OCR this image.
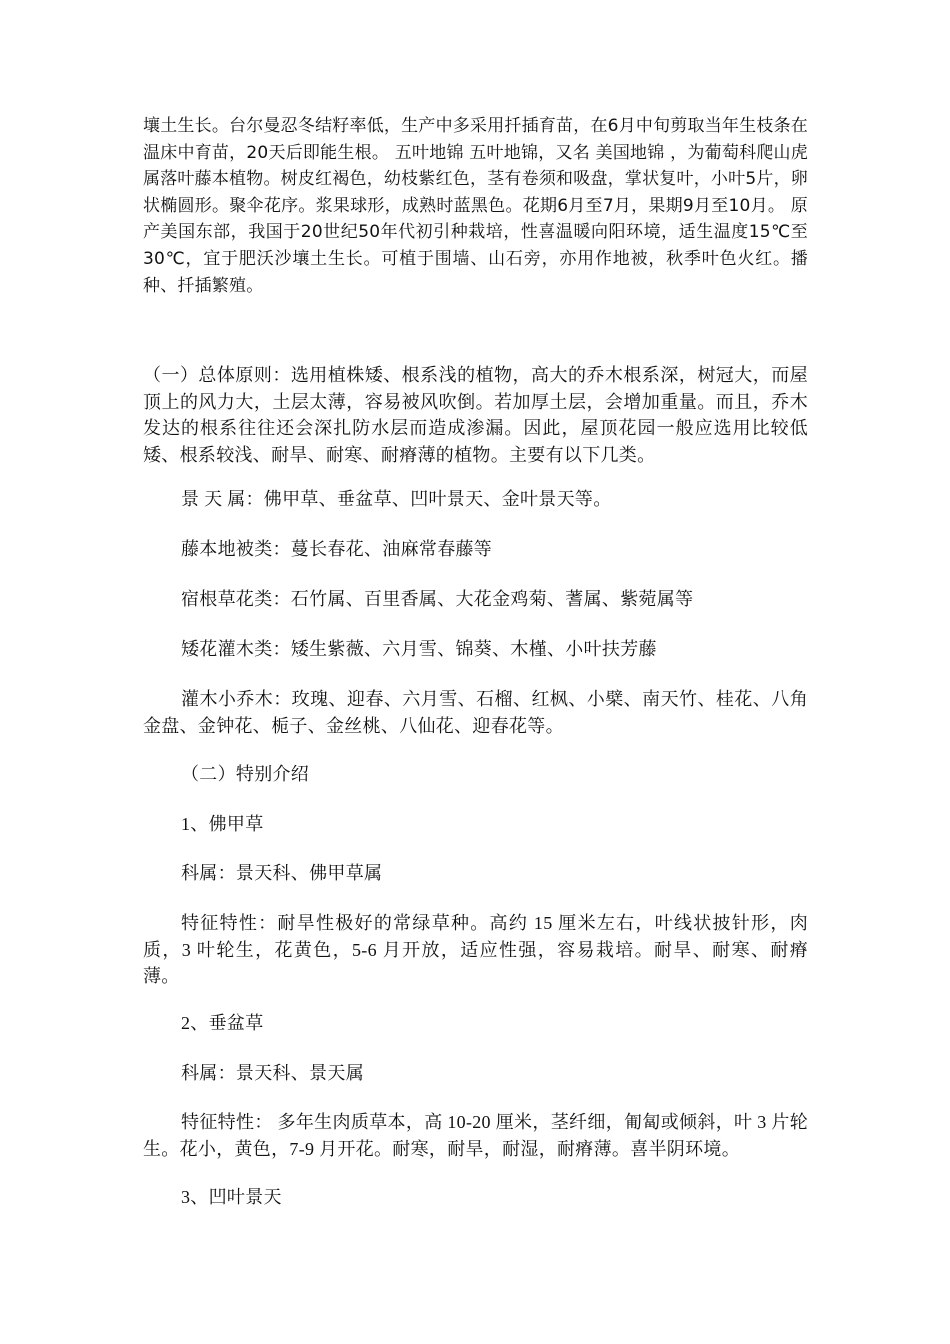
壤土生长。台尔曼忍冬结籽率低，生产中多采用扦插育苗，在6月中旬剪取当年生枝条在温床中育苗，20天后即能生根。 五叶地锦 五叶地锦，又名 美国地锦 ，为葡萄科爬山虎属落叶藤本植物。树皮红褐色，幼枝紫红色，茎有卷须和吸盘，掌状复叶，小叶5片，卵状椭圆形。聚伞花序。浆果球形，成熟时蓝黑色。花期6月至7月，果期9月至10月。 原产美国东部，我国于20世纪50年代初引种栽培，性喜温暖向阳环境，适生温度15℃至30℃，宜于肥沃沙壤土生长。可植于围墙、山石旁，亦用作地被，秋季叶色火红。播种、扦插繁殖。

（一）总体原则：选用植株矮、根系浅的植物，高大的乔木根系深，树冠大，而屋顶上的风力大，土层太薄，容易被风吹倒。若加厚土层，会增加重量。而且，乔木发达的根系往往还会深扎防水层而造成渗漏。因此，屋顶花园一般应选用比较低矮、根系较浅、耐旱、耐寒、耐瘠薄的植物。主要有以下几类。

景 天 属：佛甲草、垂盆草、凹叶景天、金叶景天等。

藤本地被类：蔓长春花、油麻常春藤等

宿根草花类：石竹属、百里香属、大花金鸡菊、蓍属、紫菀属等

矮花灌木类：矮生紫薇、六月雪、锦葵、木槿、小叶扶芳藤

灌木小乔木：玫瑰、迎春、六月雪、石榴、红枫、小檗、南天竹、桂花、八角金盘、金钟花、栀子、金丝桃、八仙花、迎春花等。

（二）特别介绍

1、佛甲草

科属：景天科、佛甲草属

特征特性：耐旱性极好的常绿草种。高约 15 厘米左右，叶线状披针形，肉质，3 叶轮生，花黄色，5-6 月开放，适应性强，容易栽培。耐旱、耐寒、耐瘠薄。

2、垂盆草

科属：景天科、景天属

特征特性： 多年生肉质草本，高 10-20 厘米，茎纤细，匍匐或倾斜，叶 3 片轮生。花小，黄色，7-9 月开花。耐寒，耐旱，耐湿，耐瘠薄。喜半阴环境。

3、凹叶景天
